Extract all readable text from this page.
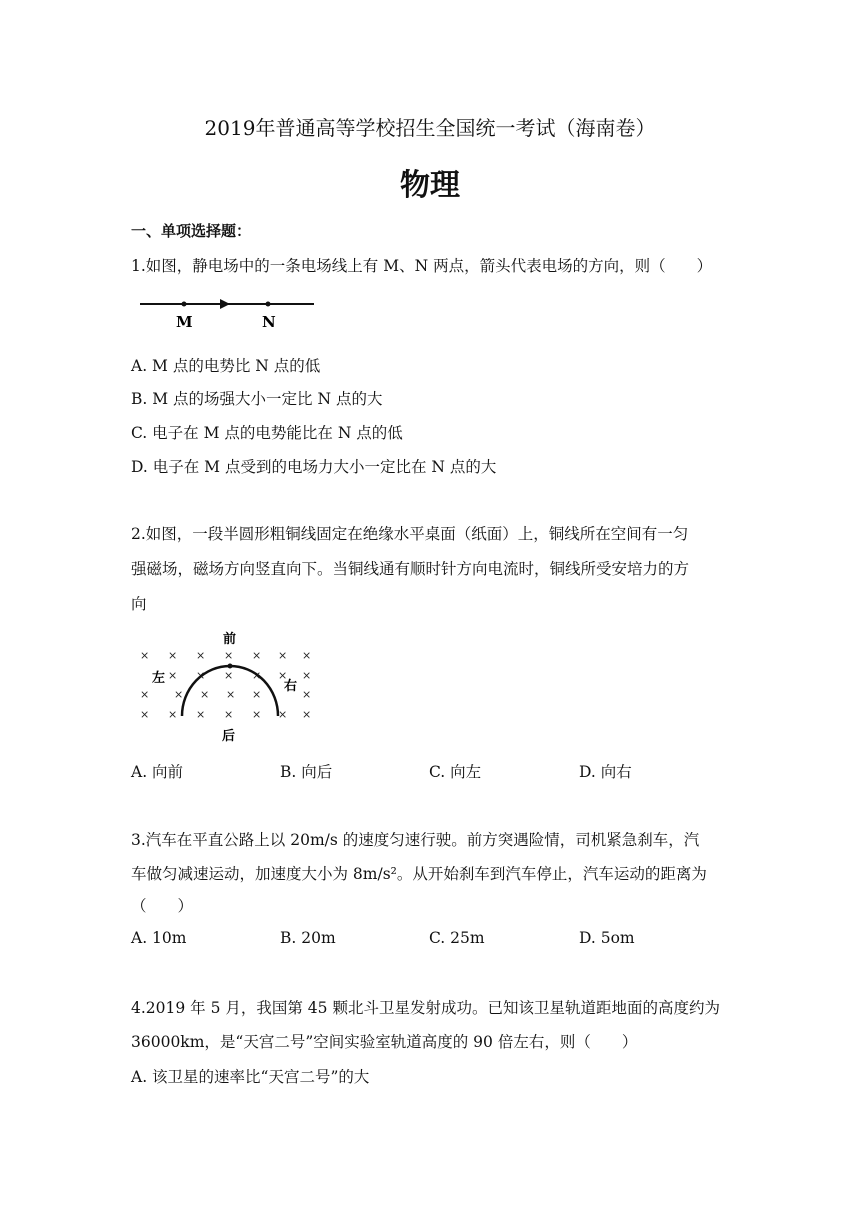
2019年普通高等学校招生全国统一考试（海南卷）
物理
一、单项选择题：
1.如图，静电场中的一条电场线上有 M、N 两点，箭头代表电场的方向，则（　　）
M	N
A. M 点的电势比 N 点的低
B. M 点的场强大小一定比 N 点的大
C. 电子在 M 点的电势能比在 N 点的低
D. 电子在 M 点受到的电场力大小一定比在 N 点的大
2.如图，一段半圆形粗铜线固定在绝缘水平桌面（纸面）上，铜线所在空间有一匀
强磁场，磁场方向竖直向下。当铜线通有顺时针方向电流时，铜线所受安培力的方
向
× × × × × × ×
× × × × × ×
× × × × ×	×
× × × × × × ×
前
后
左
右
A. 向前	B. 向后	C. 向左	D. 向右
3.汽车在平直公路上以 20m/s 的速度匀速行驶。前方突遇险情，司机紧急刹车，汽
车做匀减速运动，加速度大小为 8m/s²。从开始刹车到汽车停止，汽车运动的距离为
（　　）
A. 10m	B. 20m	C. 25m	D. 5om
4.2019 年 5 月，我国第 45 颗北斗卫星发射成功。已知该卫星轨道距地面的高度约为
36000km，是“天宫二号”空间实验室轨道高度的 90 倍左右，则（　　）
A. 该卫星的速率比“天宫二号”的大
